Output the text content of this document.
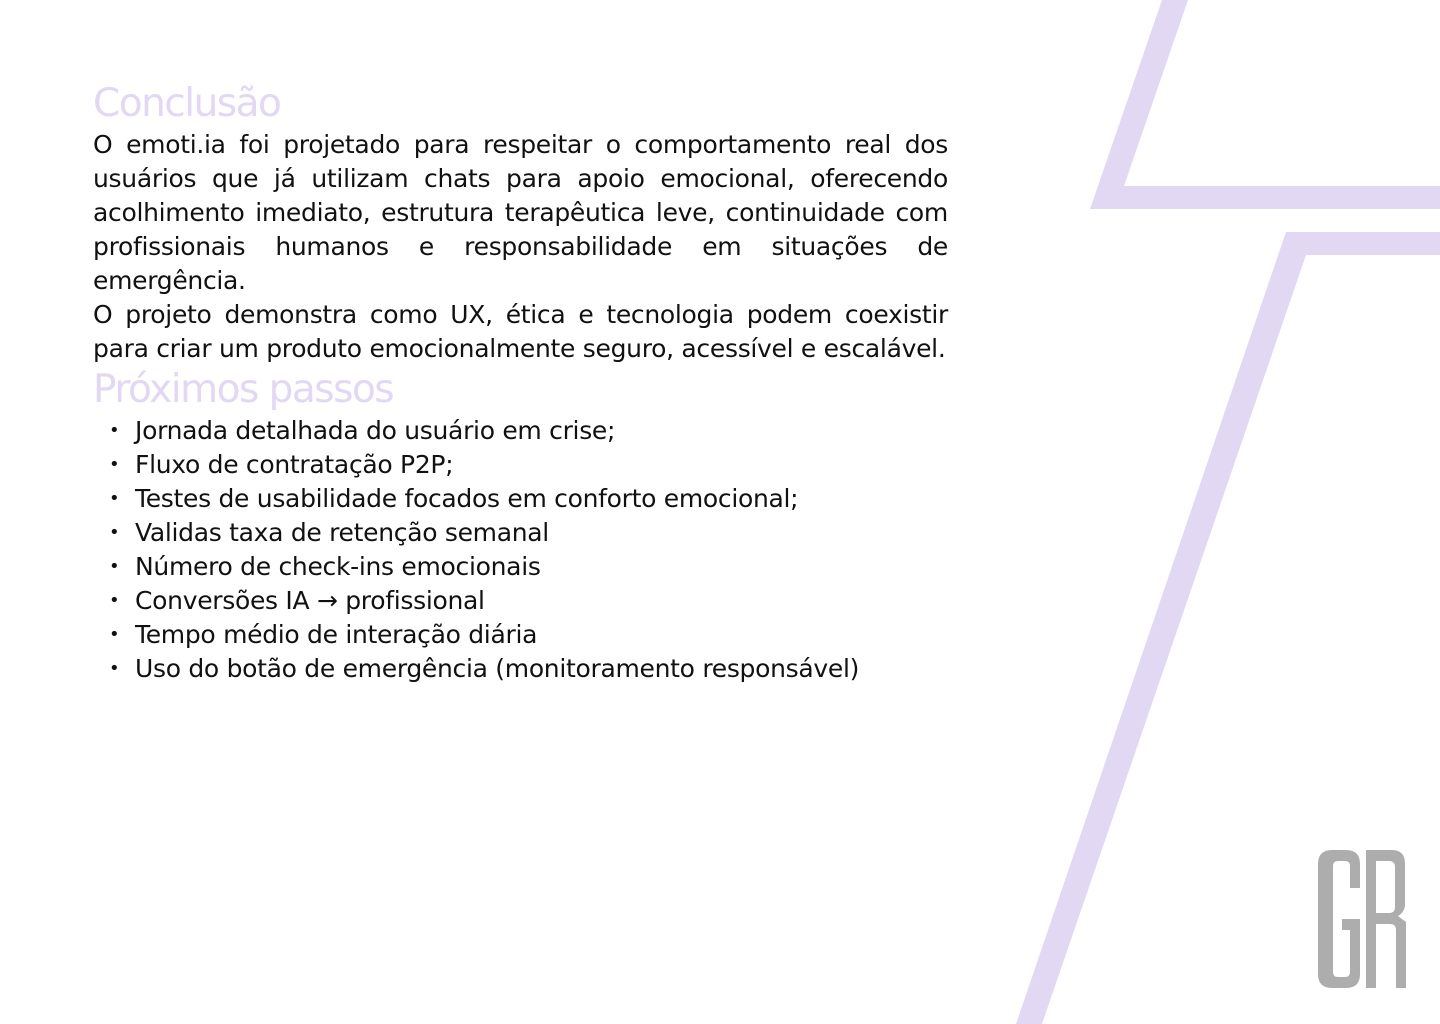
Conclusão

O emoti.ia foi projetado para respeitar o comportamento real dos usuários que já utilizam chats para apoio emocional, oferecendo acolhimento imediato, estrutura terapêutica leve, continuidade com profissionais humanos e responsabilidade em situações de emergência.

O projeto demonstra como UX, ética e tecnologia podem coexistir para criar um produto emocionalmente seguro, acessível e escalável.

Próximos passos
• Jornada detalhada do usuário em crise;
• Fluxo de contratação P2P;
• Testes de usabilidade focados em conforto emocional;
• Validas taxa de retenção semanal
• Número de check-ins emocionais
• Conversões IA → profissional
• Tempo médio de interação diária
• Uso do botão de emergência (monitoramento responsável)
